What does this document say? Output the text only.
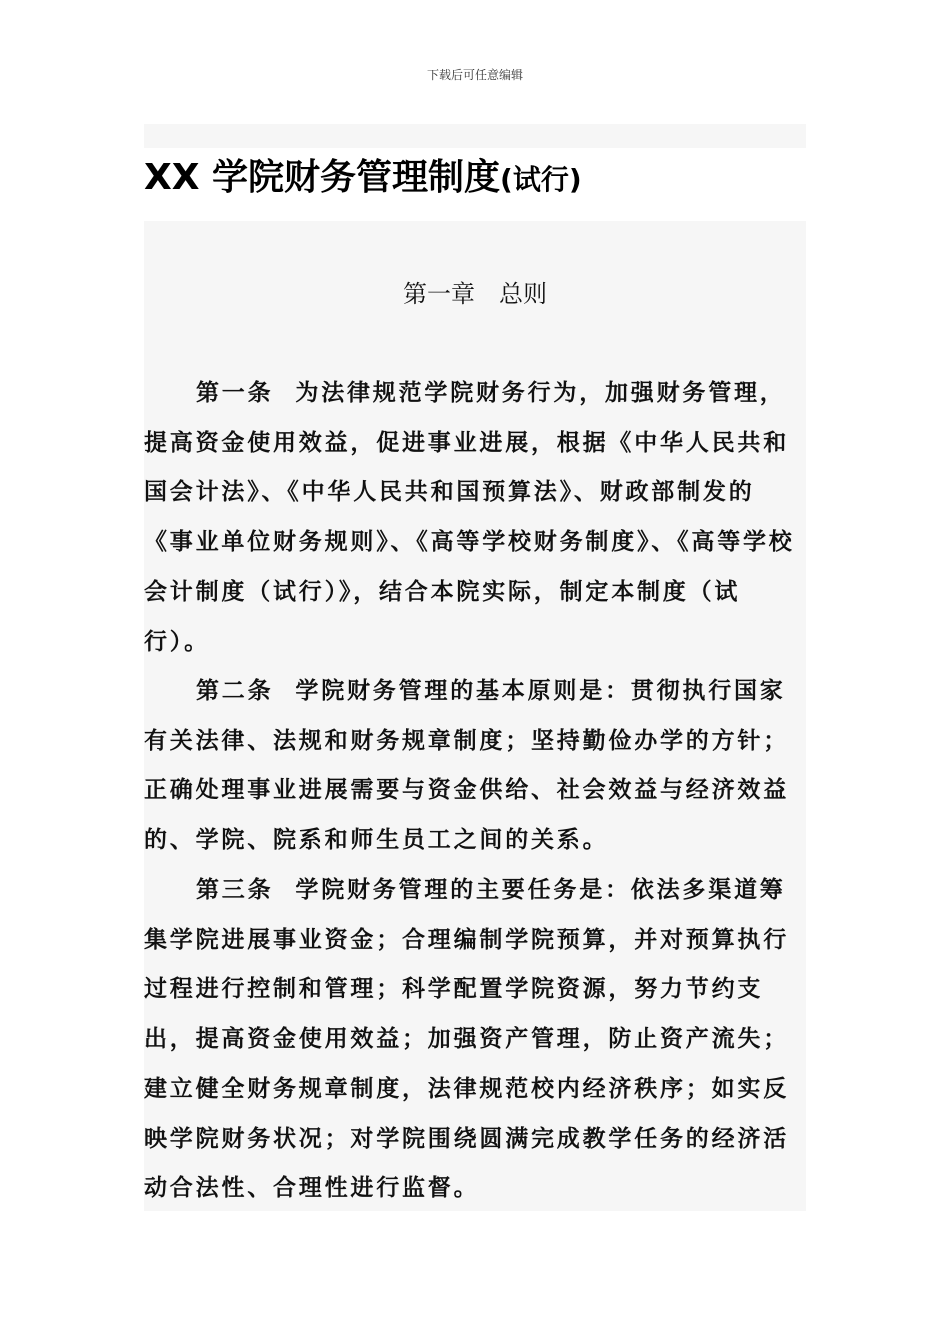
下载后可任意编辑
XX 学院财务管理制度(试行)
第一章　总则

第一条 为法律规范学院财务行为，加强财务管理，提高资金使用效益，促进事业进展，根据《中华人民共和国会计法》、《中华人民共和国预算法》、财政部制发的《事业单位财务规则》、《高等学校财务制度》、《高等学校会计制度（试行）》，结合本院实际，制定本制度（试行）。

第二条 学院财务管理的基本原则是：贯彻执行国家有关法律、法规和财务规章制度；坚持勤俭办学的方针；正确处理事业进展需要与资金供给、社会效益与经济效益的、学院、院系和师生员工之间的关系。

第三条 学院财务管理的主要任务是：依法多渠道筹集学院进展事业资金；合理编制学院预算，并对预算执行过程进行控制和管理；科学配置学院资源，努力节约支出，提高资金使用效益；加强资产管理，防止资产流失；建立健全财务规章制度，法律规范校内经济秩序；如实反映学院财务状况；对学院围绕圆满完成教学任务的经济活动合法性、合理性进行监督。
